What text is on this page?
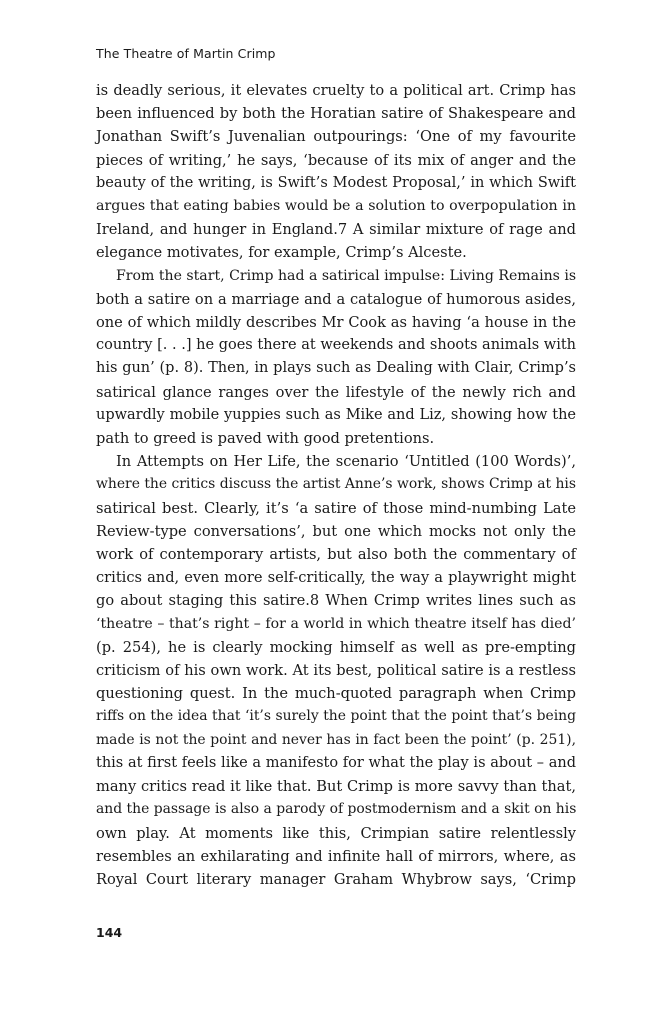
The Theatre of Martin Crimp
is deadly serious, it elevates cruelty to a political art. Crimp has
been influenced by both the Horatian satire of Shakespeare and
Jonathan Swift’s Juvenalian outpourings: ‘One of my favourite
pieces of writing,’ he says, ‘because of its mix of anger and the
beauty of the writing, is Swift’s Modest Proposal,’ in which Swift
argues that eating babies would be a solution to overpopulation in
Ireland, and hunger in England.7 A similar mixture of rage and
elegance motivates, for example, Crimp’s Alceste.
From the start, Crimp had a satirical impulse: Living Remains is
both a satire on a marriage and a catalogue of humorous asides,
one of which mildly describes Mr Cook as having ‘a house in the
country [. . .] he goes there at weekends and shoots animals with
his gun’ (p. 8). Then, in plays such as Dealing with Clair, Crimp’s
satirical glance ranges over the lifestyle of the newly rich and
upwardly mobile yuppies such as Mike and Liz, showing how the
path to greed is paved with good pretentions.
In Attempts on Her Life, the scenario ‘Untitled (100 Words)’,
where the critics discuss the artist Anne’s work, shows Crimp at his
satirical best. Clearly, it’s ‘a satire of those mind-numbing Late
Review-type conversations’, but one which mocks not only the
work of contemporary artists, but also both the commentary of
critics and, even more self-critically, the way a playwright might
go about staging this satire.8 When Crimp writes lines such as
‘theatre – that’s right – for a world in which theatre itself has died’
(p. 254), he is clearly mocking himself as well as pre-empting
criticism of his own work. At its best, political satire is a restless
questioning quest. In the much-quoted paragraph when Crimp
riffs on the idea that ‘it’s surely the point that the point that’s being
made is not the point and never has in fact been the point’ (p. 251),
this at first feels like a manifesto for what the play is about – and
many critics read it like that. But Crimp is more savvy than that,
and the passage is also a parody of postmodernism and a skit on his
own play. At moments like this, Crimpian satire relentlessly
resembles an exhilarating and infinite hall of mirrors, where, as
Royal Court literary manager Graham Whybrow says, ‘Crimp
144
